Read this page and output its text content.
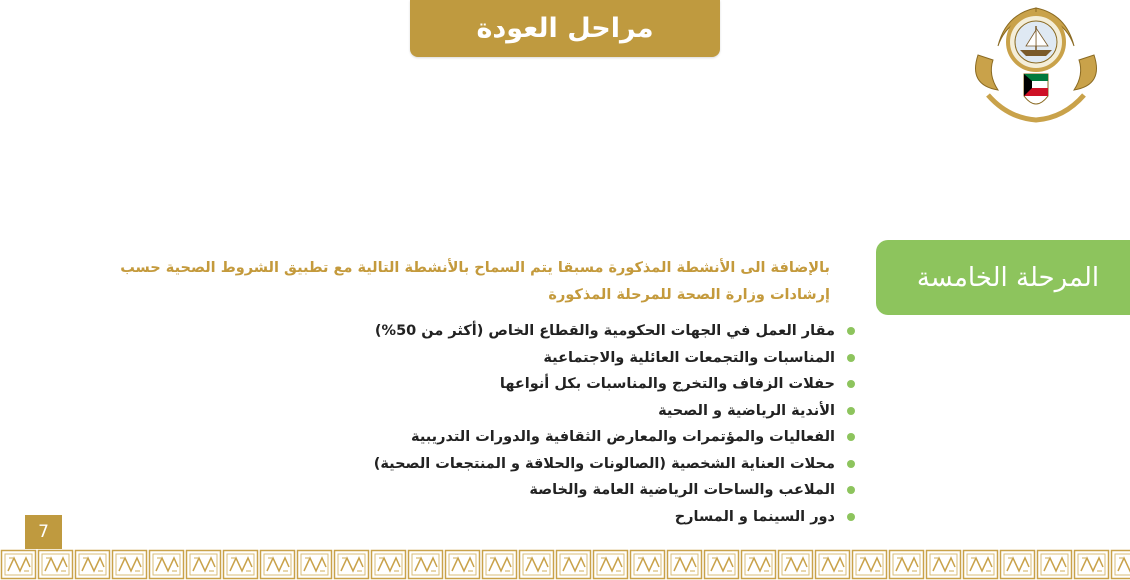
مراحل العودة
المرحلة الخامسة

بالإضافة الى الأنشطة المذكورة مسبقا يتم السماح بالأنشطة التالية مع تطبيق الشروط الصحية حسب

إرشادات وزارة الصحة للمرحلة المذكورة

مقار العمل في الجهات الحكومية والقطاع الخاص (أكثر من 50%)
المناسبات والتجمعات العائلية والاجتماعية
حفلات الزفاف والتخرج والمناسبات بكل أنواعها
الأندية الرياضية و الصحية
الفعاليات والمؤتمرات والمعارض الثقافية والدورات التدريبية
محلات العناية الشخصية (الصالونات والحلاقة و المنتجعات الصحية)
الملاعب والساحات الرياضية العامة والخاصة
دور السينما و المسارح
7
